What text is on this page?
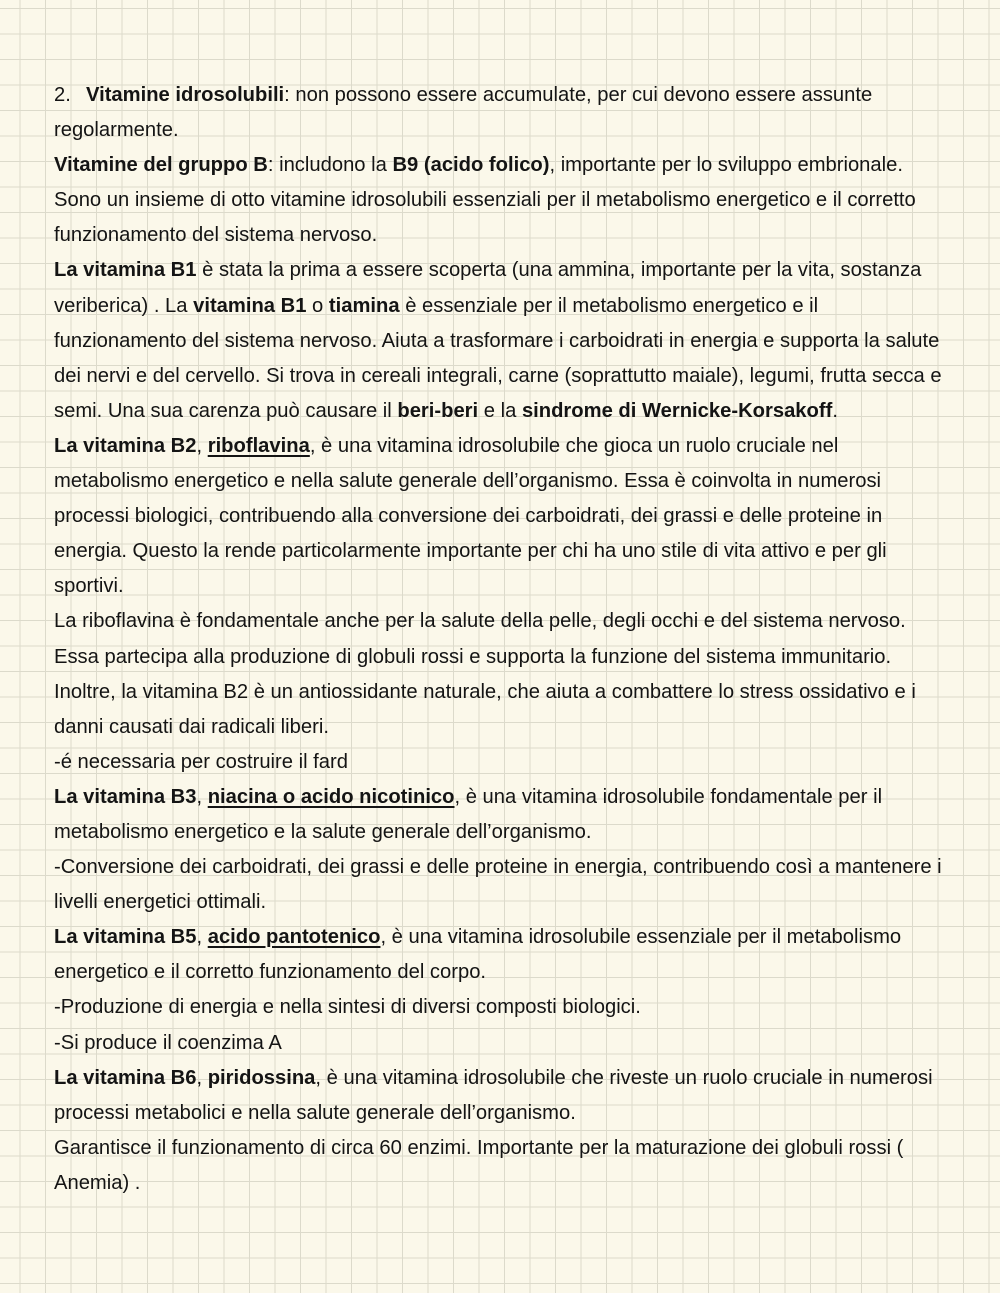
2. Vitamine idrosolubili: non possono essere accumulate, per cui devono essere assunte regolarmente.

Vitamine del gruppo B: includono la B9 (acido folico), importante per lo sviluppo embrionale. Sono un insieme di otto vitamine idrosolubili essenziali per il metabolismo energetico e il corretto funzionamento del sistema nervoso.

La vitamina B1 è stata la prima a essere scoperta (una ammina, importante per la vita, sostanza veriberica) . La vitamina B1 o tiamina è essenziale per il metabolismo energetico e il funzionamento del sistema nervoso. Aiuta a trasformare i carboidrati in energia e supporta la salute dei nervi e del cervello. Si trova in cereali integrali, carne (soprattutto maiale), legumi, frutta secca e semi. Una sua carenza può causare il beri-beri e la sindrome di Wernicke-Korsakoff.

La vitamina B2, riboflavina, è una vitamina idrosolubile che gioca un ruolo cruciale nel metabolismo energetico e nella salute generale dell’organismo. Essa è coinvolta in numerosi processi biologici, contribuendo alla conversione dei carboidrati, dei grassi e delle proteine in energia. Questo la rende particolarmente importante per chi ha uno stile di vita attivo e per gli sportivi.

La riboflavina è fondamentale anche per la salute della pelle, degli occhi e del sistema nervoso. Essa partecipa alla produzione di globuli rossi e supporta la funzione del sistema immunitario. Inoltre, la vitamina B2 è un antiossidante naturale, che aiuta a combattere lo stress ossidativo e i danni causati dai radicali liberi.

-é necessaria per costruire il fard

La vitamina B3, niacina o acido nicotinico, è una vitamina idrosolubile fondamentale per il metabolismo energetico e la salute generale dell’organismo.

-Conversione dei carboidrati, dei grassi e delle proteine in energia, contribuendo così a mantenere i livelli energetici ottimali.

La vitamina B5, acido pantotenico, è una vitamina idrosolubile essenziale per il metabolismo energetico e il corretto funzionamento del corpo.

-Produzione di energia e nella sintesi di diversi composti biologici.

-Si produce il coenzima A

La vitamina B6, piridossina, è una vitamina idrosolubile che riveste un ruolo cruciale in numerosi processi metabolici e nella salute generale dell’organismo.

Garantisce il funzionamento di circa 60 enzimi. Importante per la maturazione dei globuli rossi ( Anemia) .
